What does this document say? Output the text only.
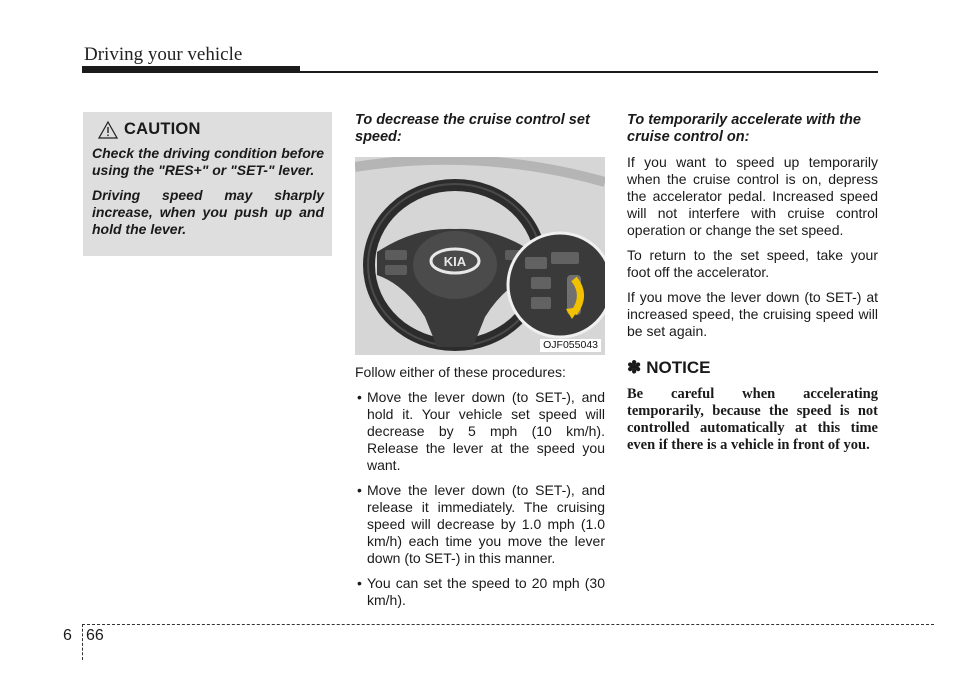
Driving your vehicle
CAUTION

Check the driving condition before using the "RES+" or "SET-" lever.

Driving speed may sharply increase, when you push up and hold the lever.

To decrease the cruise control set speed:

KIA
OJF055043

Follow either of these procedures:

• Move the lever down (to SET-), and hold it. Your vehicle set speed will decrease by 5 mph (10 km/h). Release the lever at the speed you want.
• Move the lever down (to SET-), and release it immediately. The cruising speed will decrease by 1.0 mph (1.0 km/h) each time you move the lever down (to SET-) in this manner.
• You can set the speed to 20 mph (30 km/h).

To temporarily accelerate with the cruise control on:

If you want to speed up temporarily when the cruise control is on, depress the accelerator pedal. Increased speed will not interfere with cruise control operation or change the set speed.

To return to the set speed, take your foot off the accelerator.

If you move the lever down (to SET-) at increased speed, the cruising speed will be set again.

✽ NOTICE

Be careful when accelerating temporarily, because the speed is not controlled automatically at this time even if there is a vehicle in front of you.

6 66
